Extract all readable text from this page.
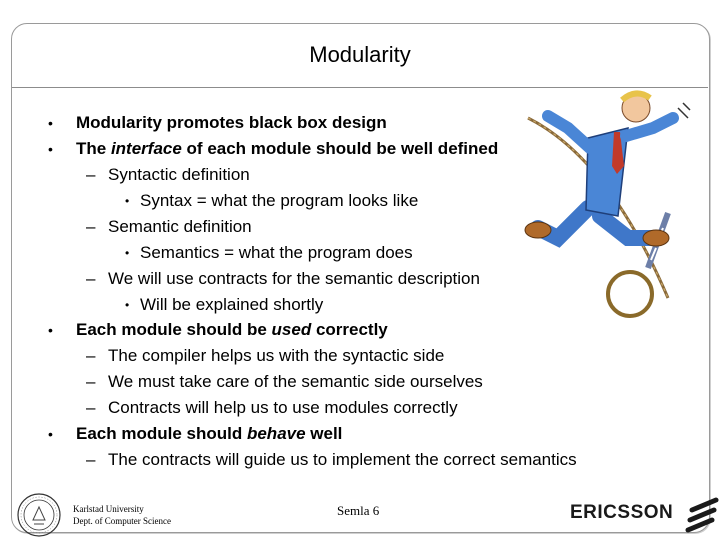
Modularity
• Modularity promotes black box design
• The interface of each module should be well defined
– Syntactic definition
• Syntax = what the program looks like
– Semantic definition
• Semantics = what the program does
– We will use contracts for the semantic description
• Will be explained shortly
• Each module should be used correctly
– The compiler helps us with the syntactic side
– We must take care of the semantic side ourselves
– Contracts will help us to use modules correctly
• Each module should behave well
– The contracts will guide us to implement the correct semantics
Karlstad University
Dept. of Computer Science
Semla 6	ERICSSON
